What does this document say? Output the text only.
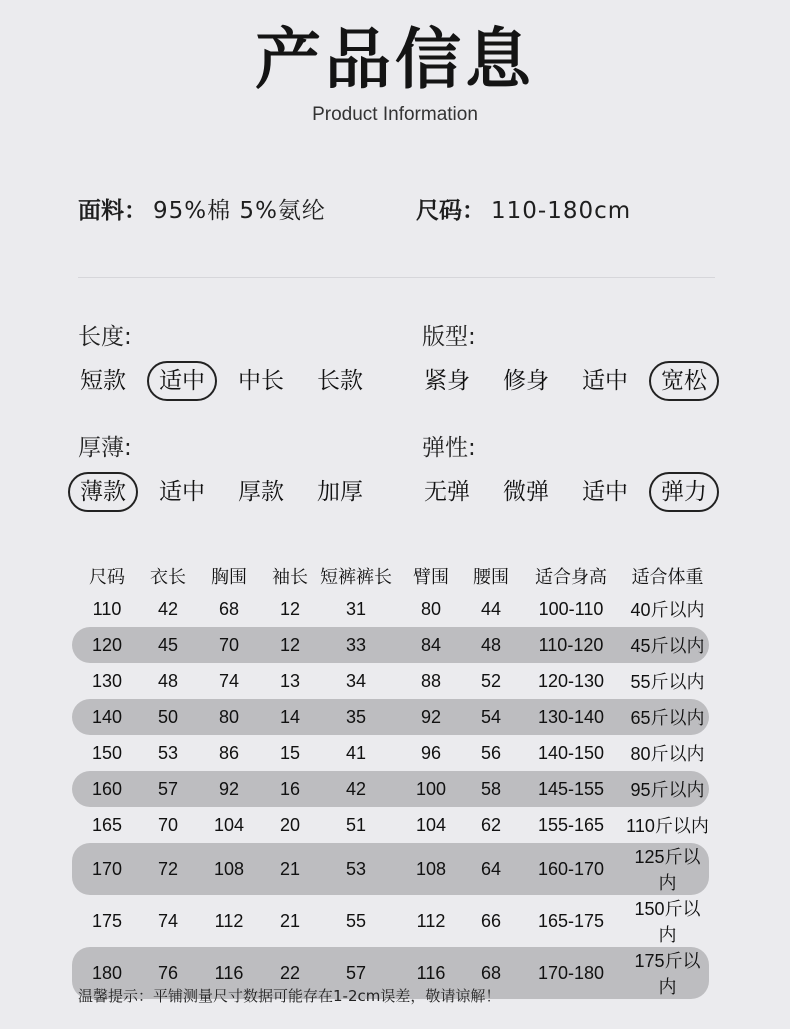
产品信息
Product Information
面料： 95%棉 5%氨纶	尺码： 110-180cm
长度:
短款	适中	中长	长款
版型:
紧身	修身	适中	宽松
厚薄:
薄款	适中	厚款	加厚
弹性:
无弹	微弹	适中	弹力
尺码	衣长	胸围	袖长	短裤裤长	臂围	腰围	适合身高	适合体重
110	42	68	12	31	80	44	100-110	40斤以内
120	45	70	12	33	84	48	110-120	45斤以内
130	48	74	13	34	88	52	120-130	55斤以内
140	50	80	14	35	92	54	130-140	65斤以内
150	53	86	15	41	96	56	140-150	80斤以内
160	57	92	16	42	100	58	145-155	95斤以内
165	70	104	20	51	104	62	155-165	110斤以内
170	72	108	21	53	108	64	160-170	125斤以内
175	74	112	21	55	112	66	165-175	150斤以内
180	76	116	22	57	116	68	170-180	175斤以内
温馨提示：平铺测量尺寸数据可能存在1-2cm误差，敬请谅解！
